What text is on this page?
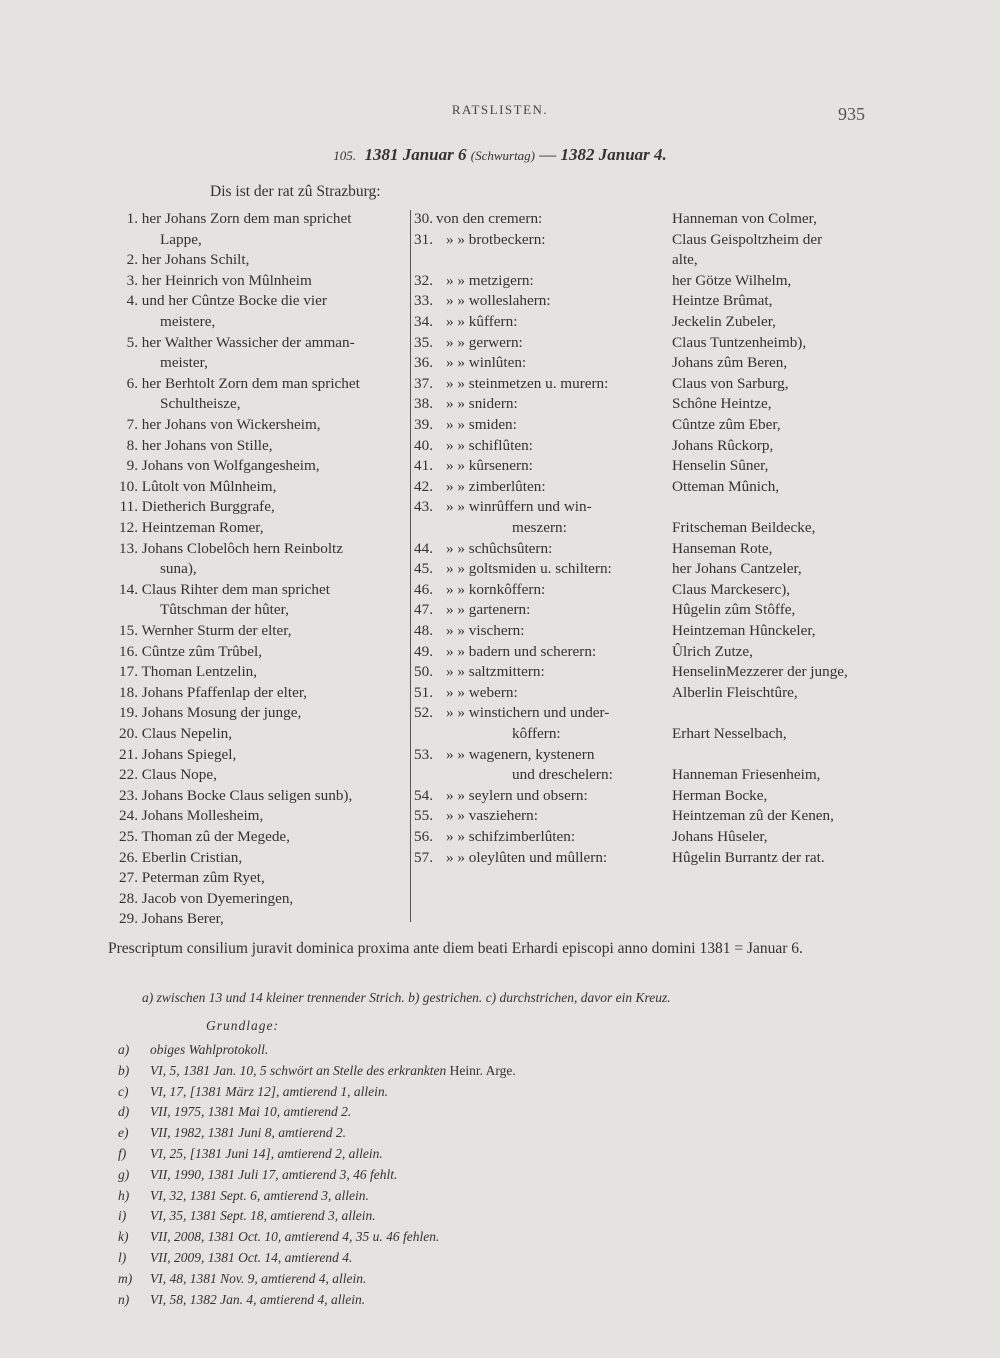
RATSLISTEN.	935
105. 1381 Januar 6 (Schwurtag) — 1382 Januar 4.
Dis ist der rat zû Strazburg:
1. her Johans Zorn dem man sprichet
Lappe,
2. her Johans Schilt,
3. her Heinrich von Mûlnheim
4. und her Cûntze Bocke die vier
meistere,
5. her Walther Wassicher der amman-
meister,
6. her Berhtolt Zorn dem man sprichet
Schultheisze,
7. her Johans von Wickersheim,
8. her Johans von Stille,
9. Johans von Wolfgangesheim,
10. Lûtolt von Mûlnheim,
11. Dietherich Burggrafe,
12. Heintzeman Romer,
13. Johans Clobelôch hern Reinboltz
suna),
14. Claus Rihter dem man sprichet
Tûtschman der hûter,
15. Wernher Sturm der elter,
16. Cûntze zûm Trûbel,
17. Thoman Lentzelin,
18. Johans Pfaffenlap der elter,
19. Johans Mosung der junge,
20. Claus Nepelin,
21. Johans Spiegel,
22. Claus Nope,
23. Johans Bocke Claus seligen sunb),
24. Johans Mollesheim,
25. Thoman zû der Megede,
26. Eberlin Cristian,
27. Peterman zûm Ryet,
28. Jacob von Dyemeringen,
29. Johans Berer,
30. von den cremern:	Hanneman von Colmer,
31. » » brotbeckern:	Claus Geispoltzheim der
alte,
32. » » metzigern:	her Götze Wilhelm,
33. » » wolleslahern:	Heintze Brûmat,
34. » » kûffern:	Jeckelin Zubeler,
35. » » gerwern:	Claus Tuntzenheimb),
36. » » winlûten:	Johans zûm Beren,
37. » » steinmetzen u. murern:	Claus von Sarburg,
38. » » snidern:	Schône Heintze,
39. » » smiden:	Cûntze zûm Eber,
40. » » schiflûten:	Johans Rûckorp,
41. » » kûrsenern:	Henselin Sûner,
42. » » zimberlûten:	Otteman Mûnich,
43. » » winrûffern und win-
meszern:	Fritscheman Beildecke,
44. » » schûchsûtern:	Hanseman Rote,
45. » » goltsmiden u. schiltern:	her Johans Cantzeler,
46. » » kornkôffern:	Claus Marckeserc),
47. » » gartenern:	Hûgelin zûm Stôffe,
48. » » vischern:	Heintzeman Hûnckeler,
49. » » badern und scherern:	Ûlrich Zutze,
50. » » saltzmittern:	HenselinMezzerer der junge,
51. » » webern:	Alberlin Fleischtûre,
52. » » winstichern und under-
kôffern:	Erhart Nesselbach,
53. » » wagenern, kystenern
und dreschelern:	Hanneman Friesenheim,
54. » » seylern und obsern:	Herman Bocke,
55. » » vasziehern:	Heintzeman zû der Kenen,
56. » » schifzimberlûten:	Johans Hûseler,
57. » » oleylûten und mûllern:	Hûgelin Burrantz der rat.
Prescriptum consilium juravit dominica proxima ante diem beati Erhardi episcopi anno domini 1381 = Januar 6.
a) zwischen 13 und 14 kleiner trennender Strich. b) gestrichen. c) durchstrichen, davor ein Kreuz.
Grundlage:
a) obiges Wahlprotokoll.
b) VI, 5, 1381 Jan. 10, 5 schwört an Stelle des erkrankten Heinr. Arge.
c) VI, 17, [1381 März 12], amtierend 1, allein.
d) VII, 1975, 1381 Mai 10, amtierend 2.
e) VII, 1982, 1381 Juni 8, amtierend 2.
f) VI, 25, [1381 Juni 14], amtierend 2, allein.
g) VII, 1990, 1381 Juli 17, amtierend 3, 46 fehlt.
h) VI, 32, 1381 Sept. 6, amtierend 3, allein.
i) VI, 35, 1381 Sept. 18, amtierend 3, allein.
k) VII, 2008, 1381 Oct. 10, amtierend 4, 35 u. 46 fehlen.
l) VII, 2009, 1381 Oct. 14, amtierend 4.
m) VI, 48, 1381 Nov. 9, amtierend 4, allein.
n) VI, 58, 1382 Jan. 4, amtierend 4, allein.
